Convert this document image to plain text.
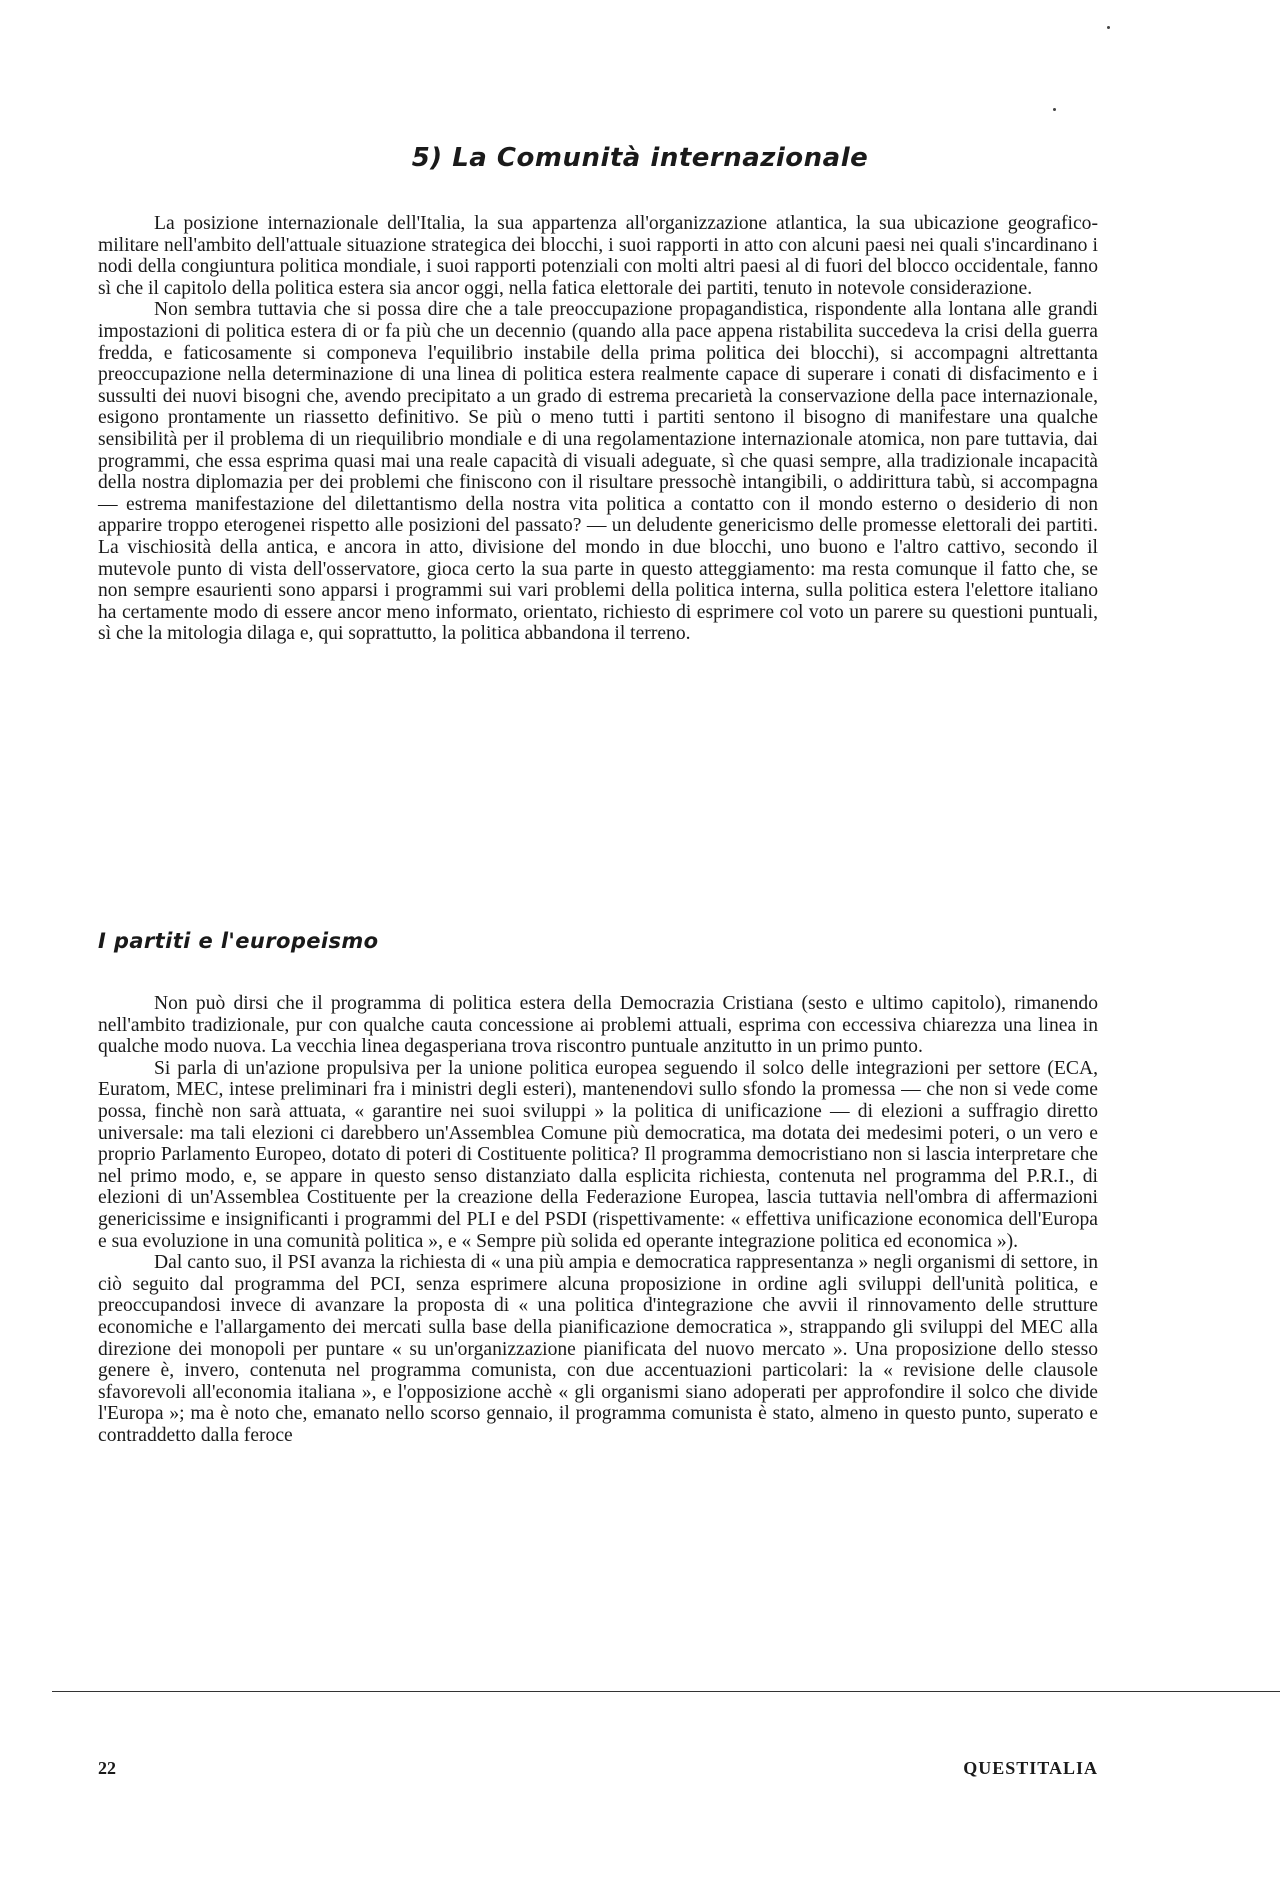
5) La Comunità internazionale

La posizione internazionale dell'Italia, la sua appartenza all'organizzazione atlantica, la sua ubicazione geografico-militare nell'ambito dell'attuale situazione strategica dei blocchi, i suoi rapporti in atto con alcuni paesi nei quali s'incardinano i nodi della congiuntura politica mondiale, i suoi rapporti potenziali con molti altri paesi al di fuori del blocco occidentale, fanno sì che il capitolo della politica estera sia ancor oggi, nella fatica elettorale dei partiti, tenuto in notevole considerazione.

Non sembra tuttavia che si possa dire che a tale preoccupazione propagandistica, rispondente alla lontana alle grandi impostazioni di politica estera di or fa più che un decennio (quando alla pace appena ristabilita succedeva la crisi della guerra fredda, e faticosamente si componeva l'equilibrio instabile della prima politica dei blocchi), si accompagni altrettanta preoccupazione nella determinazione di una linea di politica estera realmente capace di superare i conati di disfacimento e i sussulti dei nuovi bisogni che, avendo precipitato a un grado di estrema precarietà la conservazione della pace internazionale, esigono prontamente un riassetto definitivo. Se più o meno tutti i partiti sentono il bisogno di manifestare una qualche sensibilità per il problema di un riequilibrio mondiale e di una regolamentazione internazionale atomica, non pare tuttavia, dai programmi, che essa esprima quasi mai una reale capacità di visuali adeguate, sì che quasi sempre, alla tradizionale incapacità della nostra diplomazia per dei problemi che finiscono con il risultare pressochè intangibili, o addirittura tabù, si accompagna — estrema manifestazione del dilettantismo della nostra vita politica a contatto con il mondo esterno o desiderio di non apparire troppo eterogenei rispetto alle posizioni del passato? — un deludente genericismo delle promesse elettorali dei partiti. La vischiosità della antica, e ancora in atto, divisione del mondo in due blocchi, uno buono e l'altro cattivo, secondo il mutevole punto di vista dell'osservatore, gioca certo la sua parte in questo atteggiamento: ma resta comunque il fatto che, se non sempre esaurienti sono apparsi i programmi sui vari problemi della politica interna, sulla politica estera l'elettore italiano ha certamente modo di essere ancor meno informato, orientato, richiesto di esprimere col voto un parere su questioni puntuali, sì che la mitologia dilaga e, qui soprattutto, la politica abbandona il terreno.

I partiti e l'europeismo

Non può dirsi che il programma di politica estera della Democrazia Cristiana (sesto e ultimo capitolo), rimanendo nell'ambito tradizionale, pur con qualche cauta concessione ai problemi attuali, esprima con eccessiva chiarezza una linea in qualche modo nuova. La vecchia linea degasperiana trova riscontro puntuale anzitutto in un primo punto.

Si parla di un'azione propulsiva per la unione politica europea seguendo il solco delle integrazioni per settore (ECA, Euratom, MEC, intese preliminari fra i ministri degli esteri), mantenendovi sullo sfondo la promessa — che non si vede come possa, finchè non sarà attuata, « garantire nei suoi sviluppi » la politica di unificazione — di elezioni a suffragio diretto universale: ma tali elezioni ci darebbero un'Assemblea Comune più democratica, ma dotata dei medesimi poteri, o un vero e proprio Parlamento Europeo, dotato di poteri di Costituente politica? Il programma democristiano non si lascia interpretare che nel primo modo, e, se appare in questo senso distanziato dalla esplicita richiesta, contenuta nel programma del P.R.I., di elezioni di un'Assemblea Costituente per la creazione della Federazione Europea, lascia tuttavia nell'ombra di affermazioni genericissime e insignificanti i programmi del PLI e del PSDI (rispettivamente: « effettiva unificazione economica dell'Europa e sua evoluzione in una comunità politica », e « Sempre più solida ed operante integrazione politica ed economica »).

Dal canto suo, il PSI avanza la richiesta di « una più ampia e democratica rappresentanza » negli organismi di settore, in ciò seguito dal programma del PCI, senza esprimere alcuna proposizione in ordine agli sviluppi dell'unità politica, e preoccupandosi invece di avanzare la proposta di « una politica d'integrazione che avvii il rinnovamento delle strutture economiche e l'allargamento dei mercati sulla base della pianificazione democratica », strappando gli sviluppi del MEC alla direzione dei monopoli per puntare « su un'organizzazione pianificata del nuovo mercato ». Una proposizione dello stesso genere è, invero, contenuta nel programma comunista, con due accentuazioni particolari: la « revisione delle clausole sfavorevoli all'economia italiana », e l'opposizione acchè « gli organismi siano adoperati per approfondire il solco che divide l'Europa »; ma è noto che, emanato nello scorso gennaio, il programma comunista è stato, almeno in questo punto, superato e contraddetto dalla feroce

22	QUESTITALIA
